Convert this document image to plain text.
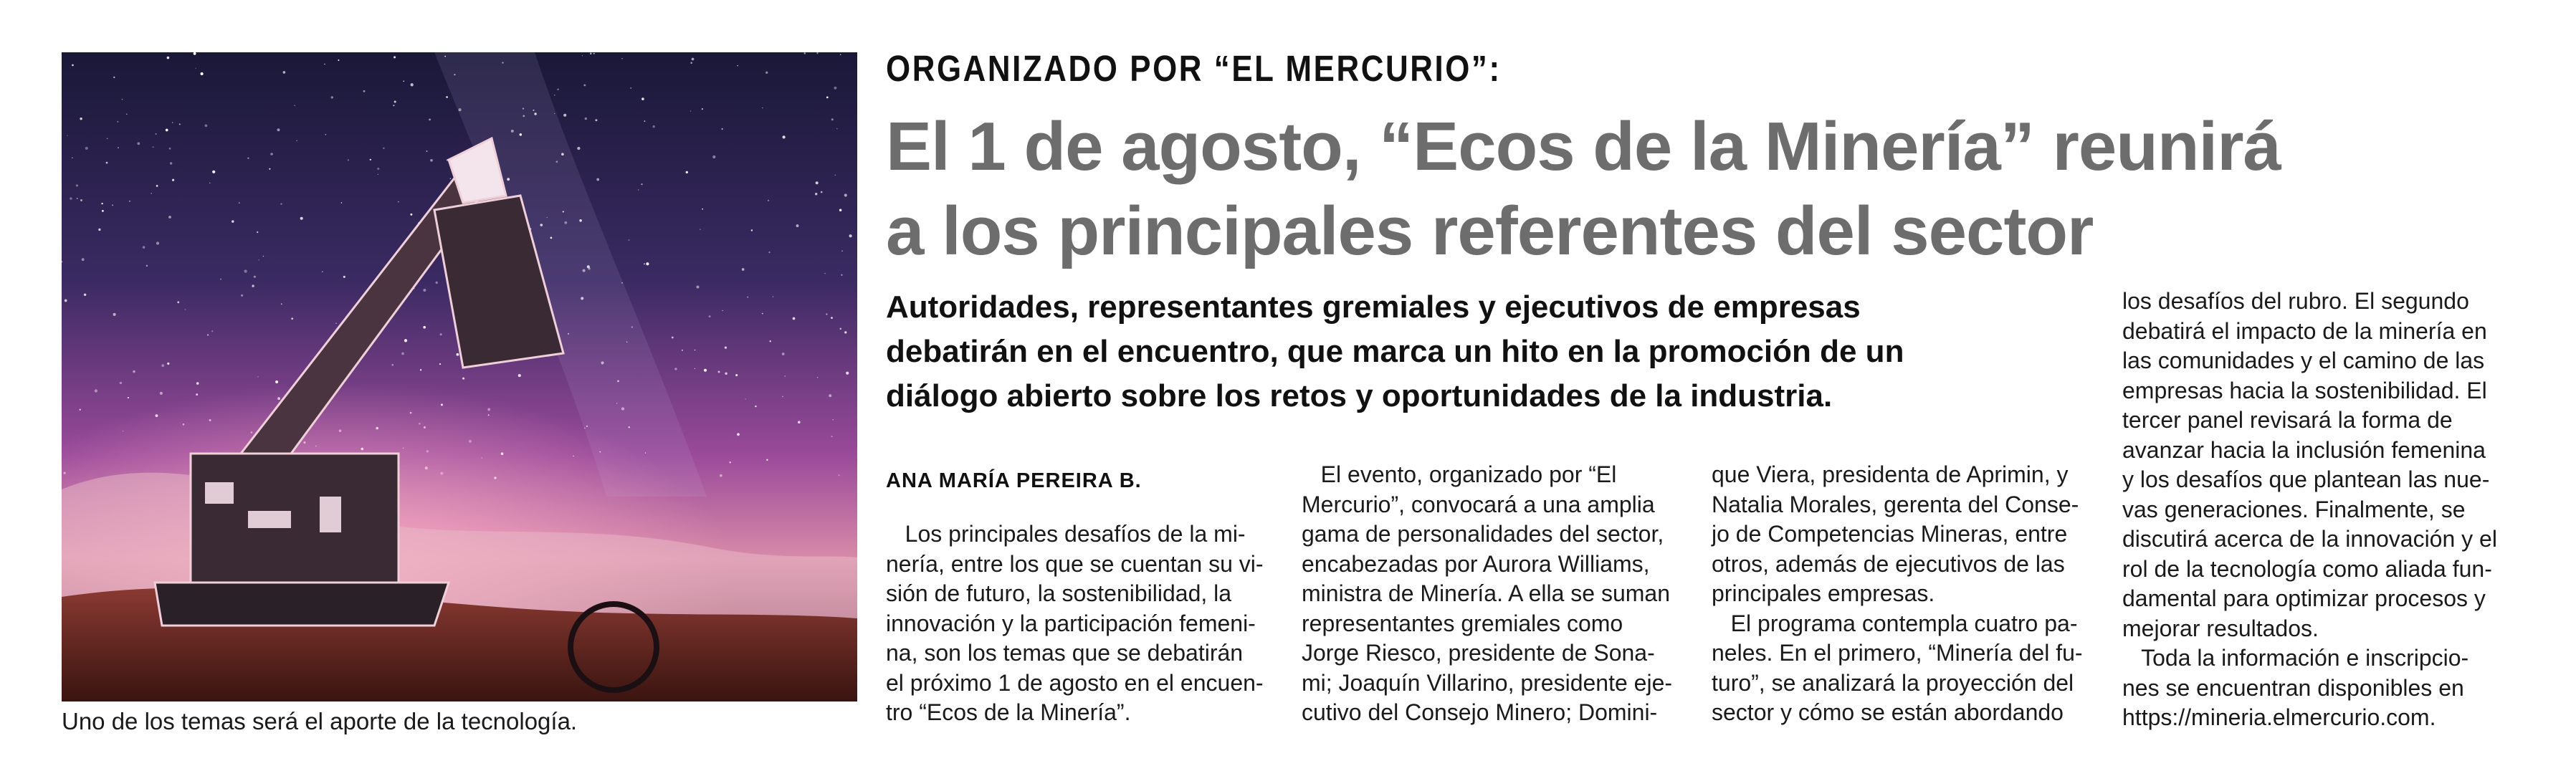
Uno de los temas será el aporte de la tecnología.
ORGANIZADO POR “EL MERCURIO”:
El 1 de agosto, “Ecos de la Minería” reunirá
a los principales referentes del sector

Autoridades, representantes gremiales y ejecutivos de empresas
debatirán en el encuentro, que marca un hito en la promoción de un
diálogo abierto sobre los retos y oportunidades de la industria.

ANA MARÍA PEREIRA B.
Los principales desafíos de la mi-
nería, entre los que se cuentan su vi-
sión de futuro, la sostenibilidad, la
innovación y la participación femeni-
na, son los temas que se debatirán
el próximo 1 de agosto en el encuen-
tro “Ecos de la Minería”.
El evento, organizado por “El
Mercurio”, convocará a una amplia
gama de personalidades del sector,
encabezadas por Aurora Williams,
ministra de Minería. A ella se suman
representantes gremiales como
Jorge Riesco, presidente de Sona-
mi; Joaquín Villarino, presidente eje-
cutivo del Consejo Minero; Domini-
que Viera, presidenta de Aprimin, y
Natalia Morales, gerenta del Conse-
jo de Competencias Mineras, entre
otros, además de ejecutivos de las
principales empresas.
El programa contempla cuatro pa-
neles. En el primero, “Minería del fu-
turo”, se analizará la proyección del
sector y cómo se están abordando
los desafíos del rubro. El segundo
debatirá el impacto de la minería en
las comunidades y el camino de las
empresas hacia la sostenibilidad. El
tercer panel revisará la forma de
avanzar hacia la inclusión femenina
y los desafíos que plantean las nue-
vas generaciones. Finalmente, se
discutirá acerca de la innovación y el
rol de la tecnología como aliada fun-
damental para optimizar procesos y
mejorar resultados.
Toda la información e inscripcio-
nes se encuentran disponibles en
https://mineria.elmercurio.com.
